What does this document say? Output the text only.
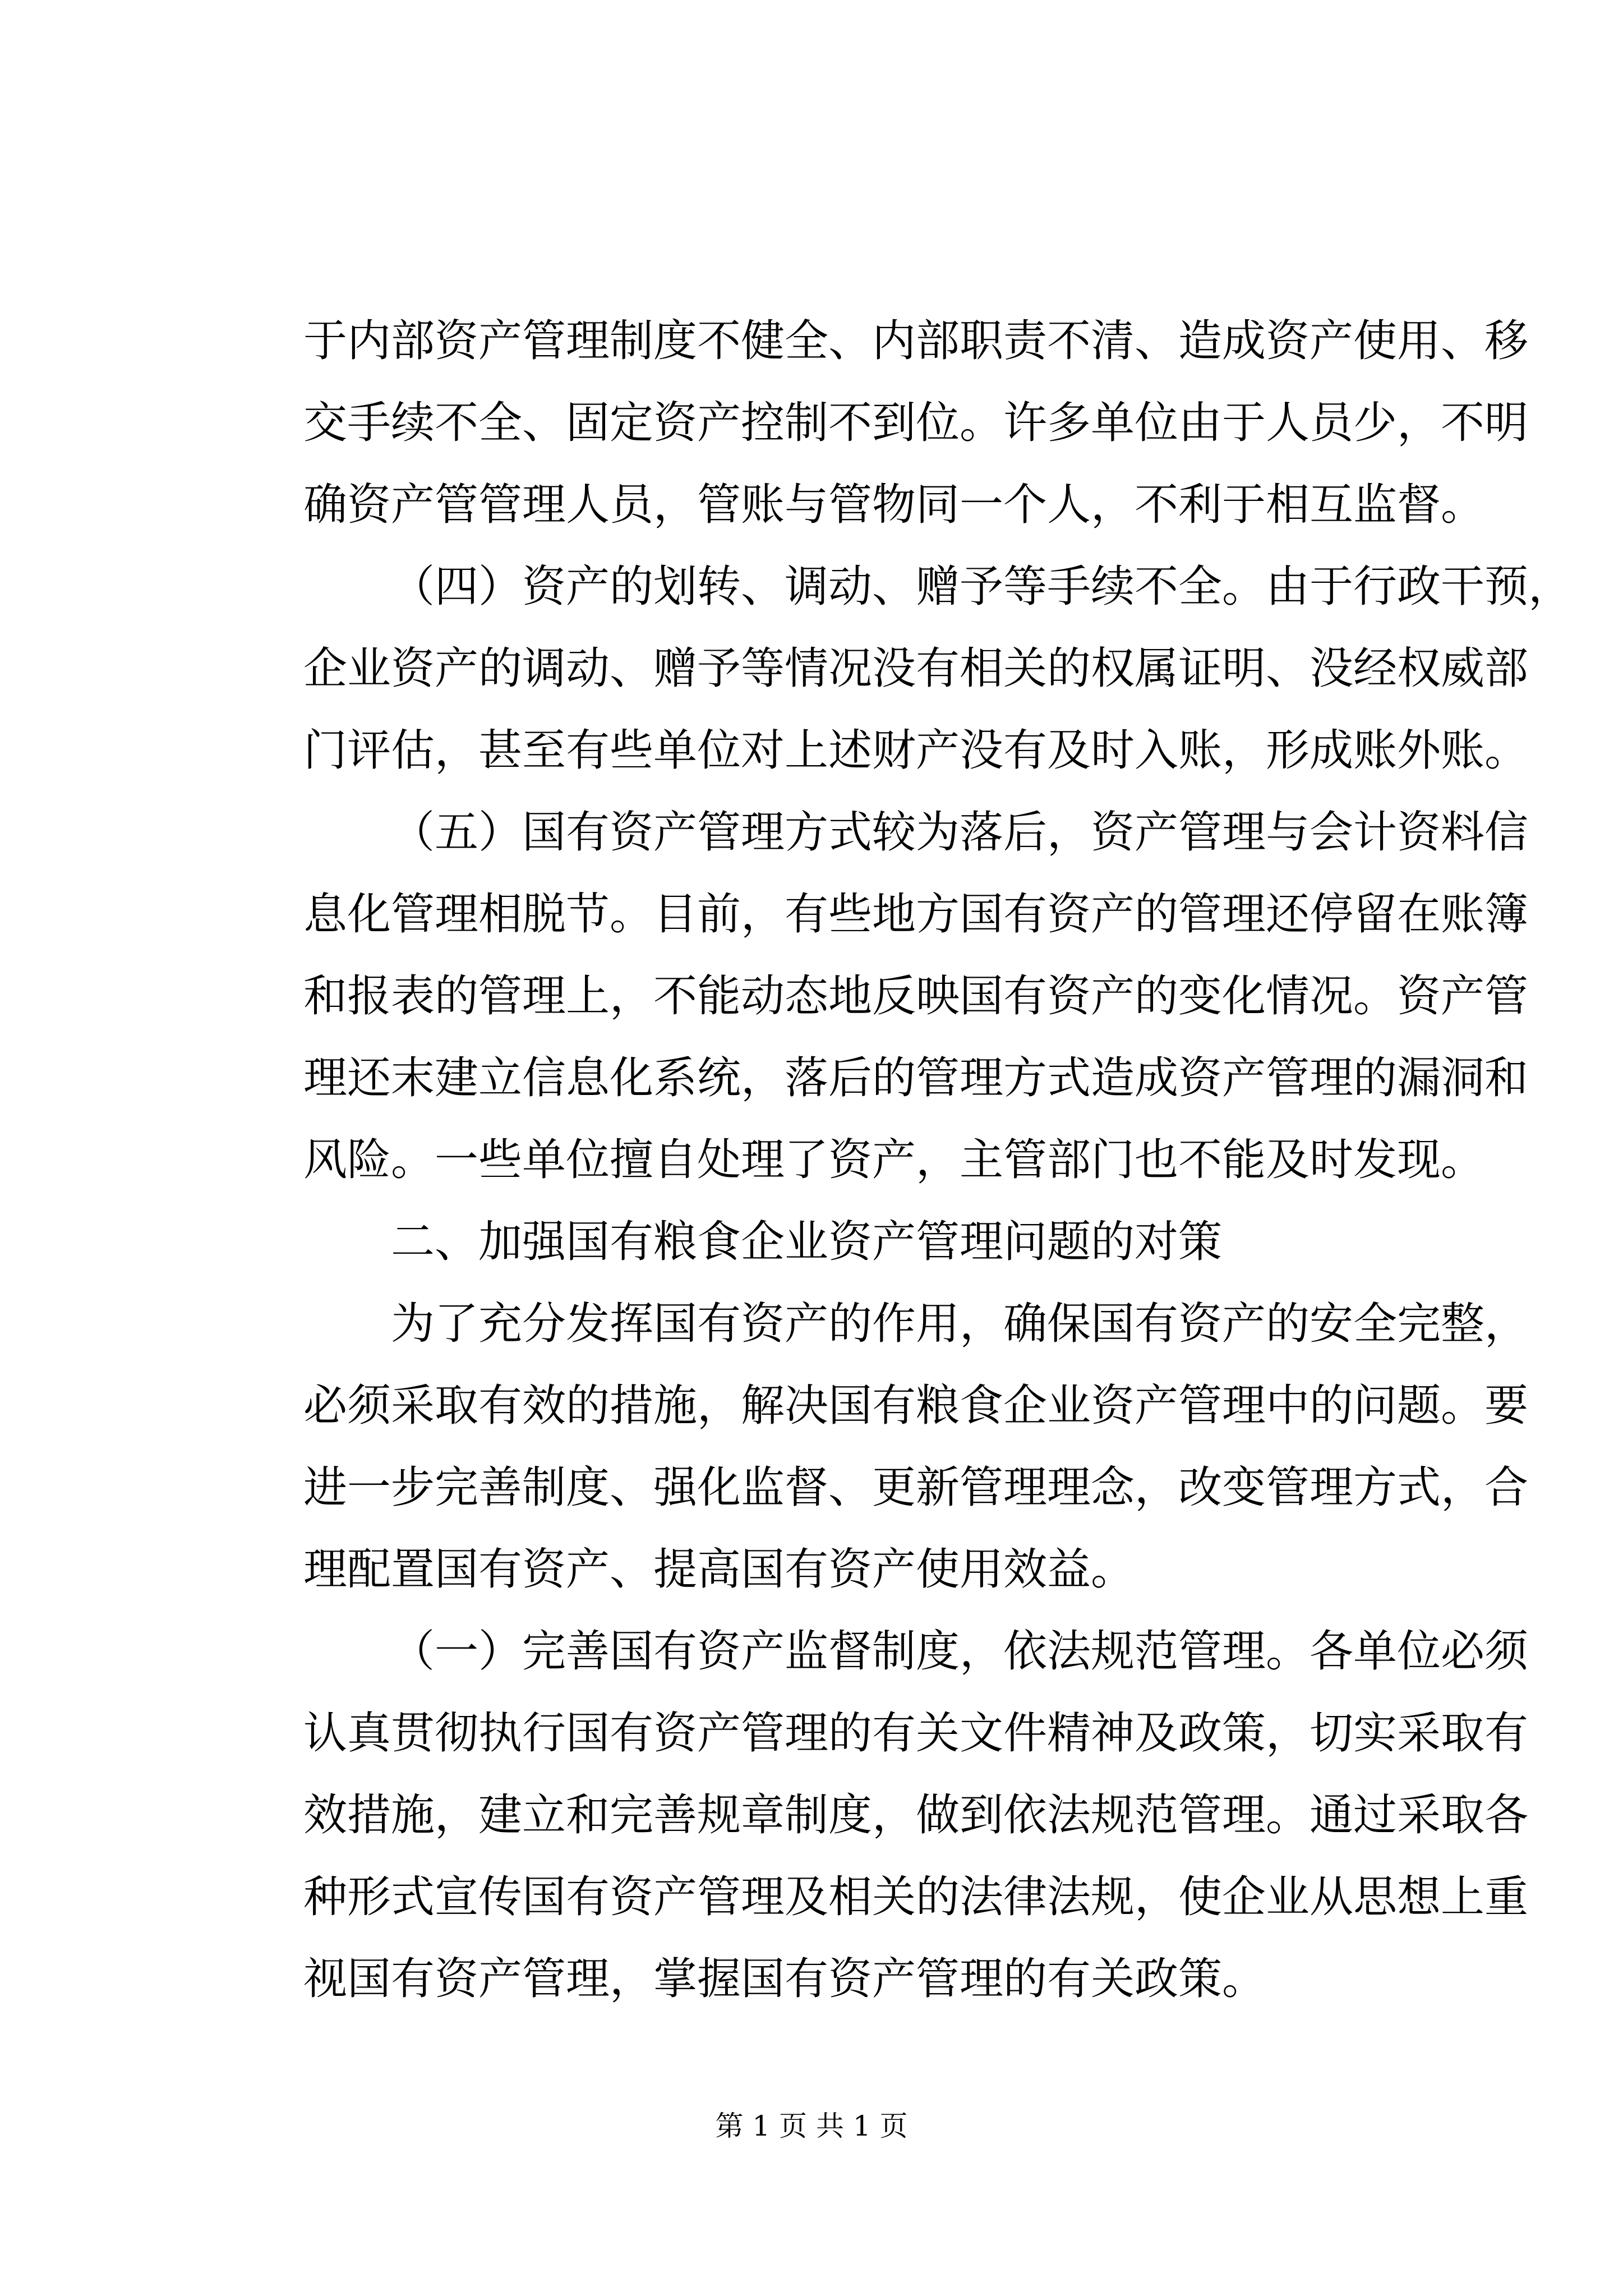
于内部资产管理制度不健全、内部职责不清、造成资产使用、移
交手续不全、固定资产控制不到位。许多单位由于人员少，不明
确资产管管理人员，管账与管物同一个人，不利于相互监督。
（四）资产的划转、调动、赠予等手续不全。由于行政干预，
企业资产的调动、赠予等情况没有相关的权属证明、没经权威部
门评估，甚至有些单位对上述财产没有及时入账，形成账外账。
（五）国有资产管理方式较为落后，资产管理与会计资料信
息化管理相脱节。目前，有些地方国有资产的管理还停留在账簿
和报表的管理上，不能动态地反映国有资产的变化情况。资产管
理还末建立信息化系统，落后的管理方式造成资产管理的漏洞和
风险。一些单位擅自处理了资产，主管部门也不能及时发现。
二、加强国有粮食企业资产管理问题的对策
为了充分发挥国有资产的作用，确保国有资产的安全完整，
必须采取有效的措施，解决国有粮食企业资产管理中的问题。要
进一步完善制度、强化监督、更新管理理念，改变管理方式，合
理配置国有资产、提高国有资产使用效益。
（一）完善国有资产监督制度，依法规范管理。各单位必须
认真贯彻执行国有资产管理的有关文件精神及政策，切实采取有
效措施，建立和完善规章制度，做到依法规范管理。通过采取各
种形式宣传国有资产管理及相关的法律法规，使企业从思想上重
视国有资产管理，掌握国有资产管理的有关政策。
第 1 页 共 1 页
